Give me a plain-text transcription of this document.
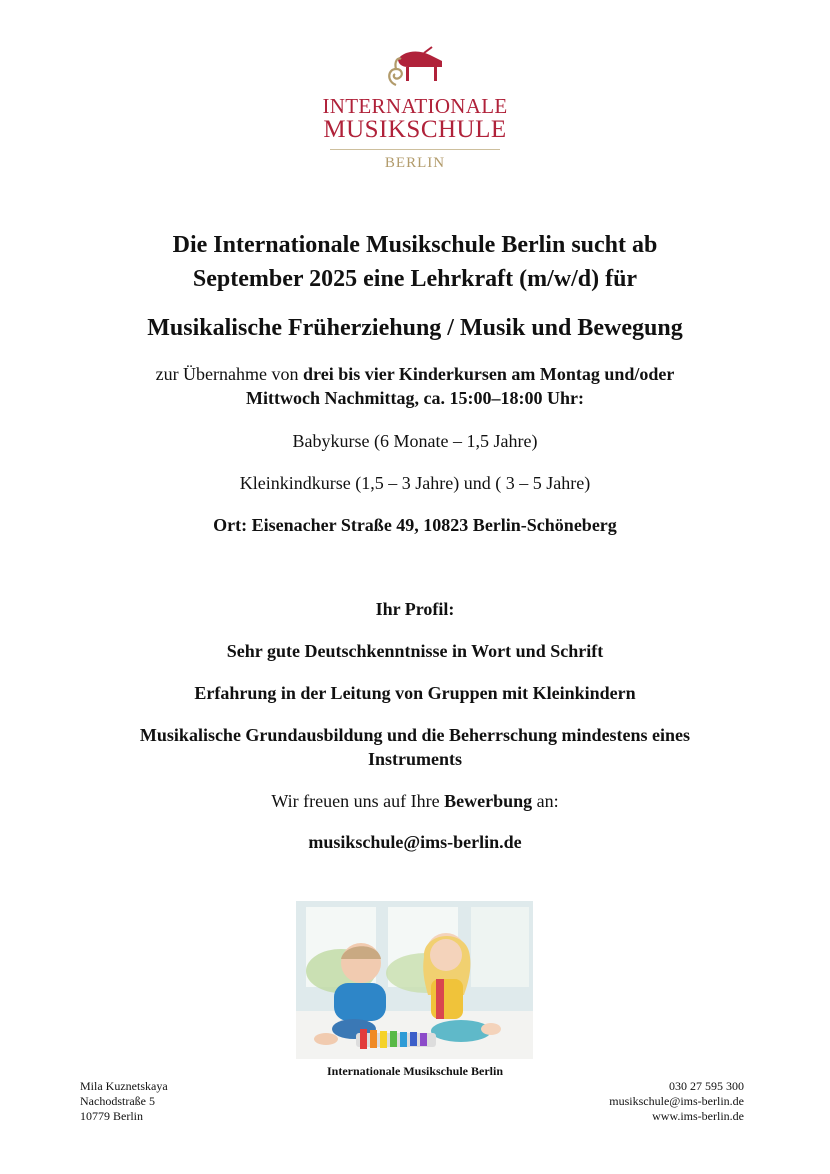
INTERNATIONALE
MUSIKSCHULE
BERLIN
Die Internationale Musikschule Berlin sucht ab
September 2025 eine Lehrkraft (m/w/d) für
Musikalische Früherziehung / Musik und Bewegung
zur Übernahme von drei bis vier Kinderkursen am Montag und/oder
Mittwoch Nachmittag, ca. 15:00–18:00 Uhr:
Babykurse (6 Monate – 1,5 Jahre)
Kleinkindkurse (1,5 – 3 Jahre) und ( 3 – 5 Jahre)
Ort: Eisenacher Straße 49, 10823 Berlin-Schöneberg
Ihr Profil:
Sehr gute Deutschkenntnisse in Wort und Schrift
Erfahrung in der Leitung von Gruppen mit Kleinkindern
Musikalische Grundausbildung und die Beherrschung mindestens eines
Instruments
Wir freuen uns auf Ihre Bewerbung an:
musikschule@ims-berlin.de
Internationale Musikschule Berlin
Mila Kuznetskaya
Nachodstraße 5
10779 Berlin
030 27 595 300
musikschule@ims-berlin.de
www.ims-berlin.de
